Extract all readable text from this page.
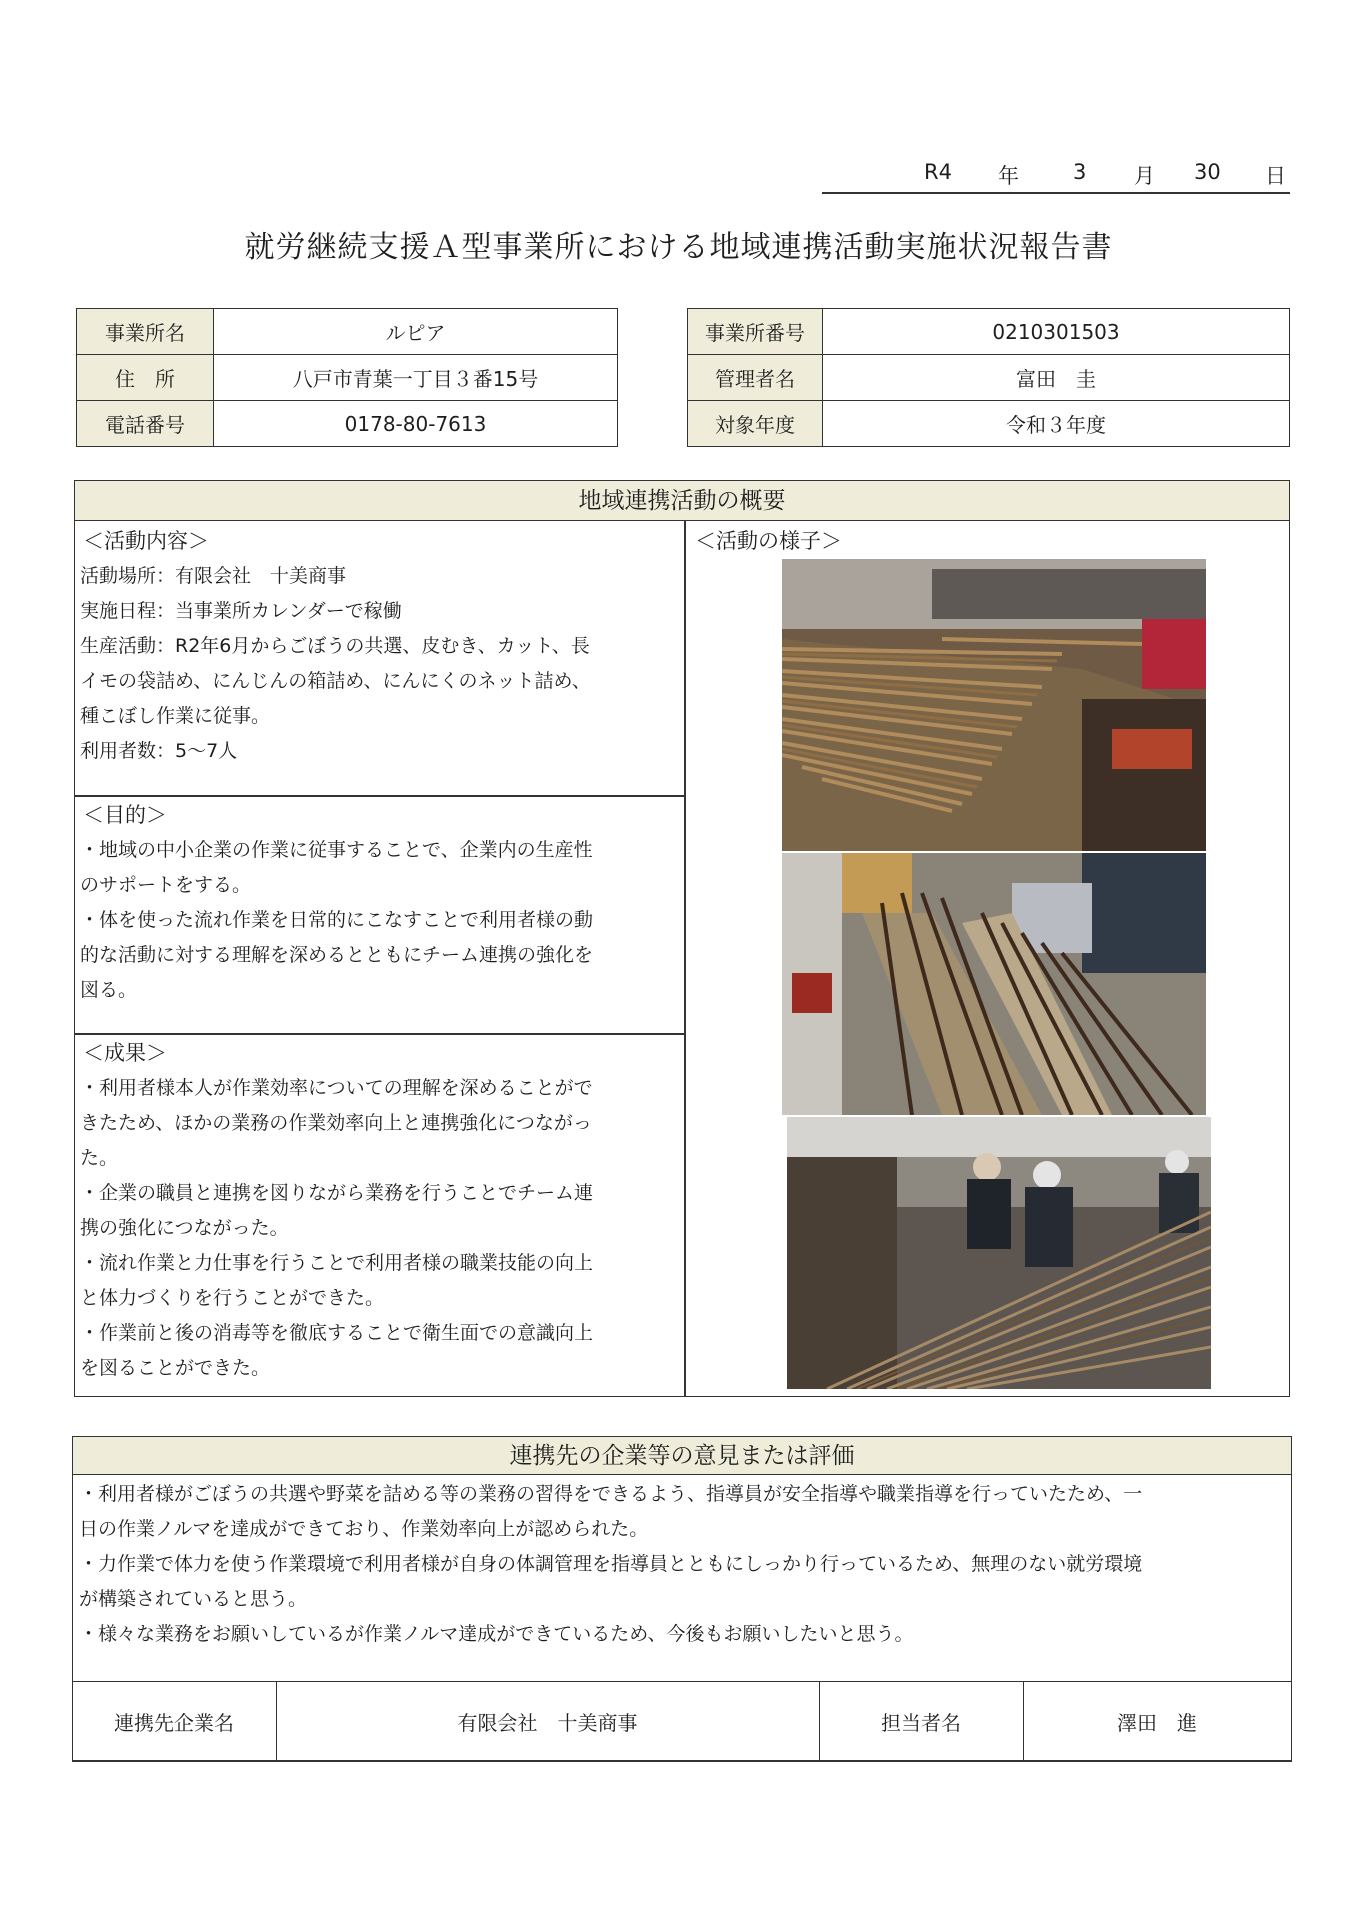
R4 年	3 月 30 日
就労継続支援Ａ型事業所における地域連携活動実施状況報告書
事業所名	ルピア
住　所	八戸市青葉一丁目３番15号
電話番号	0178-80-7613
事業所番号	0210301503
管理者名	富田　圭
対象年度	令和３年度
地域連携活動の概要
＜活動内容＞

活動場所：有限会社　十美商事

実施日程：当事業所カレンダーで稼働

生産活動：R2年6月からごぼうの共選、皮むき、カット、長

イモの袋詰め、にんじんの箱詰め、にんにくのネット詰め、

種こぼし作業に従事。

利用者数：5～7人

＜目的＞

・地域の中小企業の作業に従事することで、企業内の生産性

のサポートをする。

・体を使った流れ作業を日常的にこなすことで利用者様の動

的な活動に対する理解を深めるとともにチーム連携の強化を

図る。

＜成果＞

・利用者様本人が作業効率についての理解を深めることがで

きたため、ほかの業務の作業効率向上と連携強化につながっ

た。

・企業の職員と連携を図りながら業務を行うことでチーム連

携の強化につながった。

・流れ作業と力仕事を行うことで利用者様の職業技能の向上

と体力づくりを行うことができた。

・作業前と後の消毒等を徹底することで衛生面での意識向上

を図ることができた。

＜活動の様子＞
連携先の企業等の意見または評価

・利用者様がごぼうの共選や野菜を詰める等の業務の習得をできるよう、指導員が安全指導や職業指導を行っていたため、一

日の作業ノルマを達成ができており、作業効率向上が認められた。

・力作業で体力を使う作業環境で利用者様が自身の体調管理を指導員とともにしっかり行っているため、無理のない就労環境

が構築されていると思う。

・様々な業務をお願いしているが作業ノルマ達成ができているため、今後もお願いしたいと思う。

連携先企業名	有限会社　十美商事	担当者名	澤田　進
